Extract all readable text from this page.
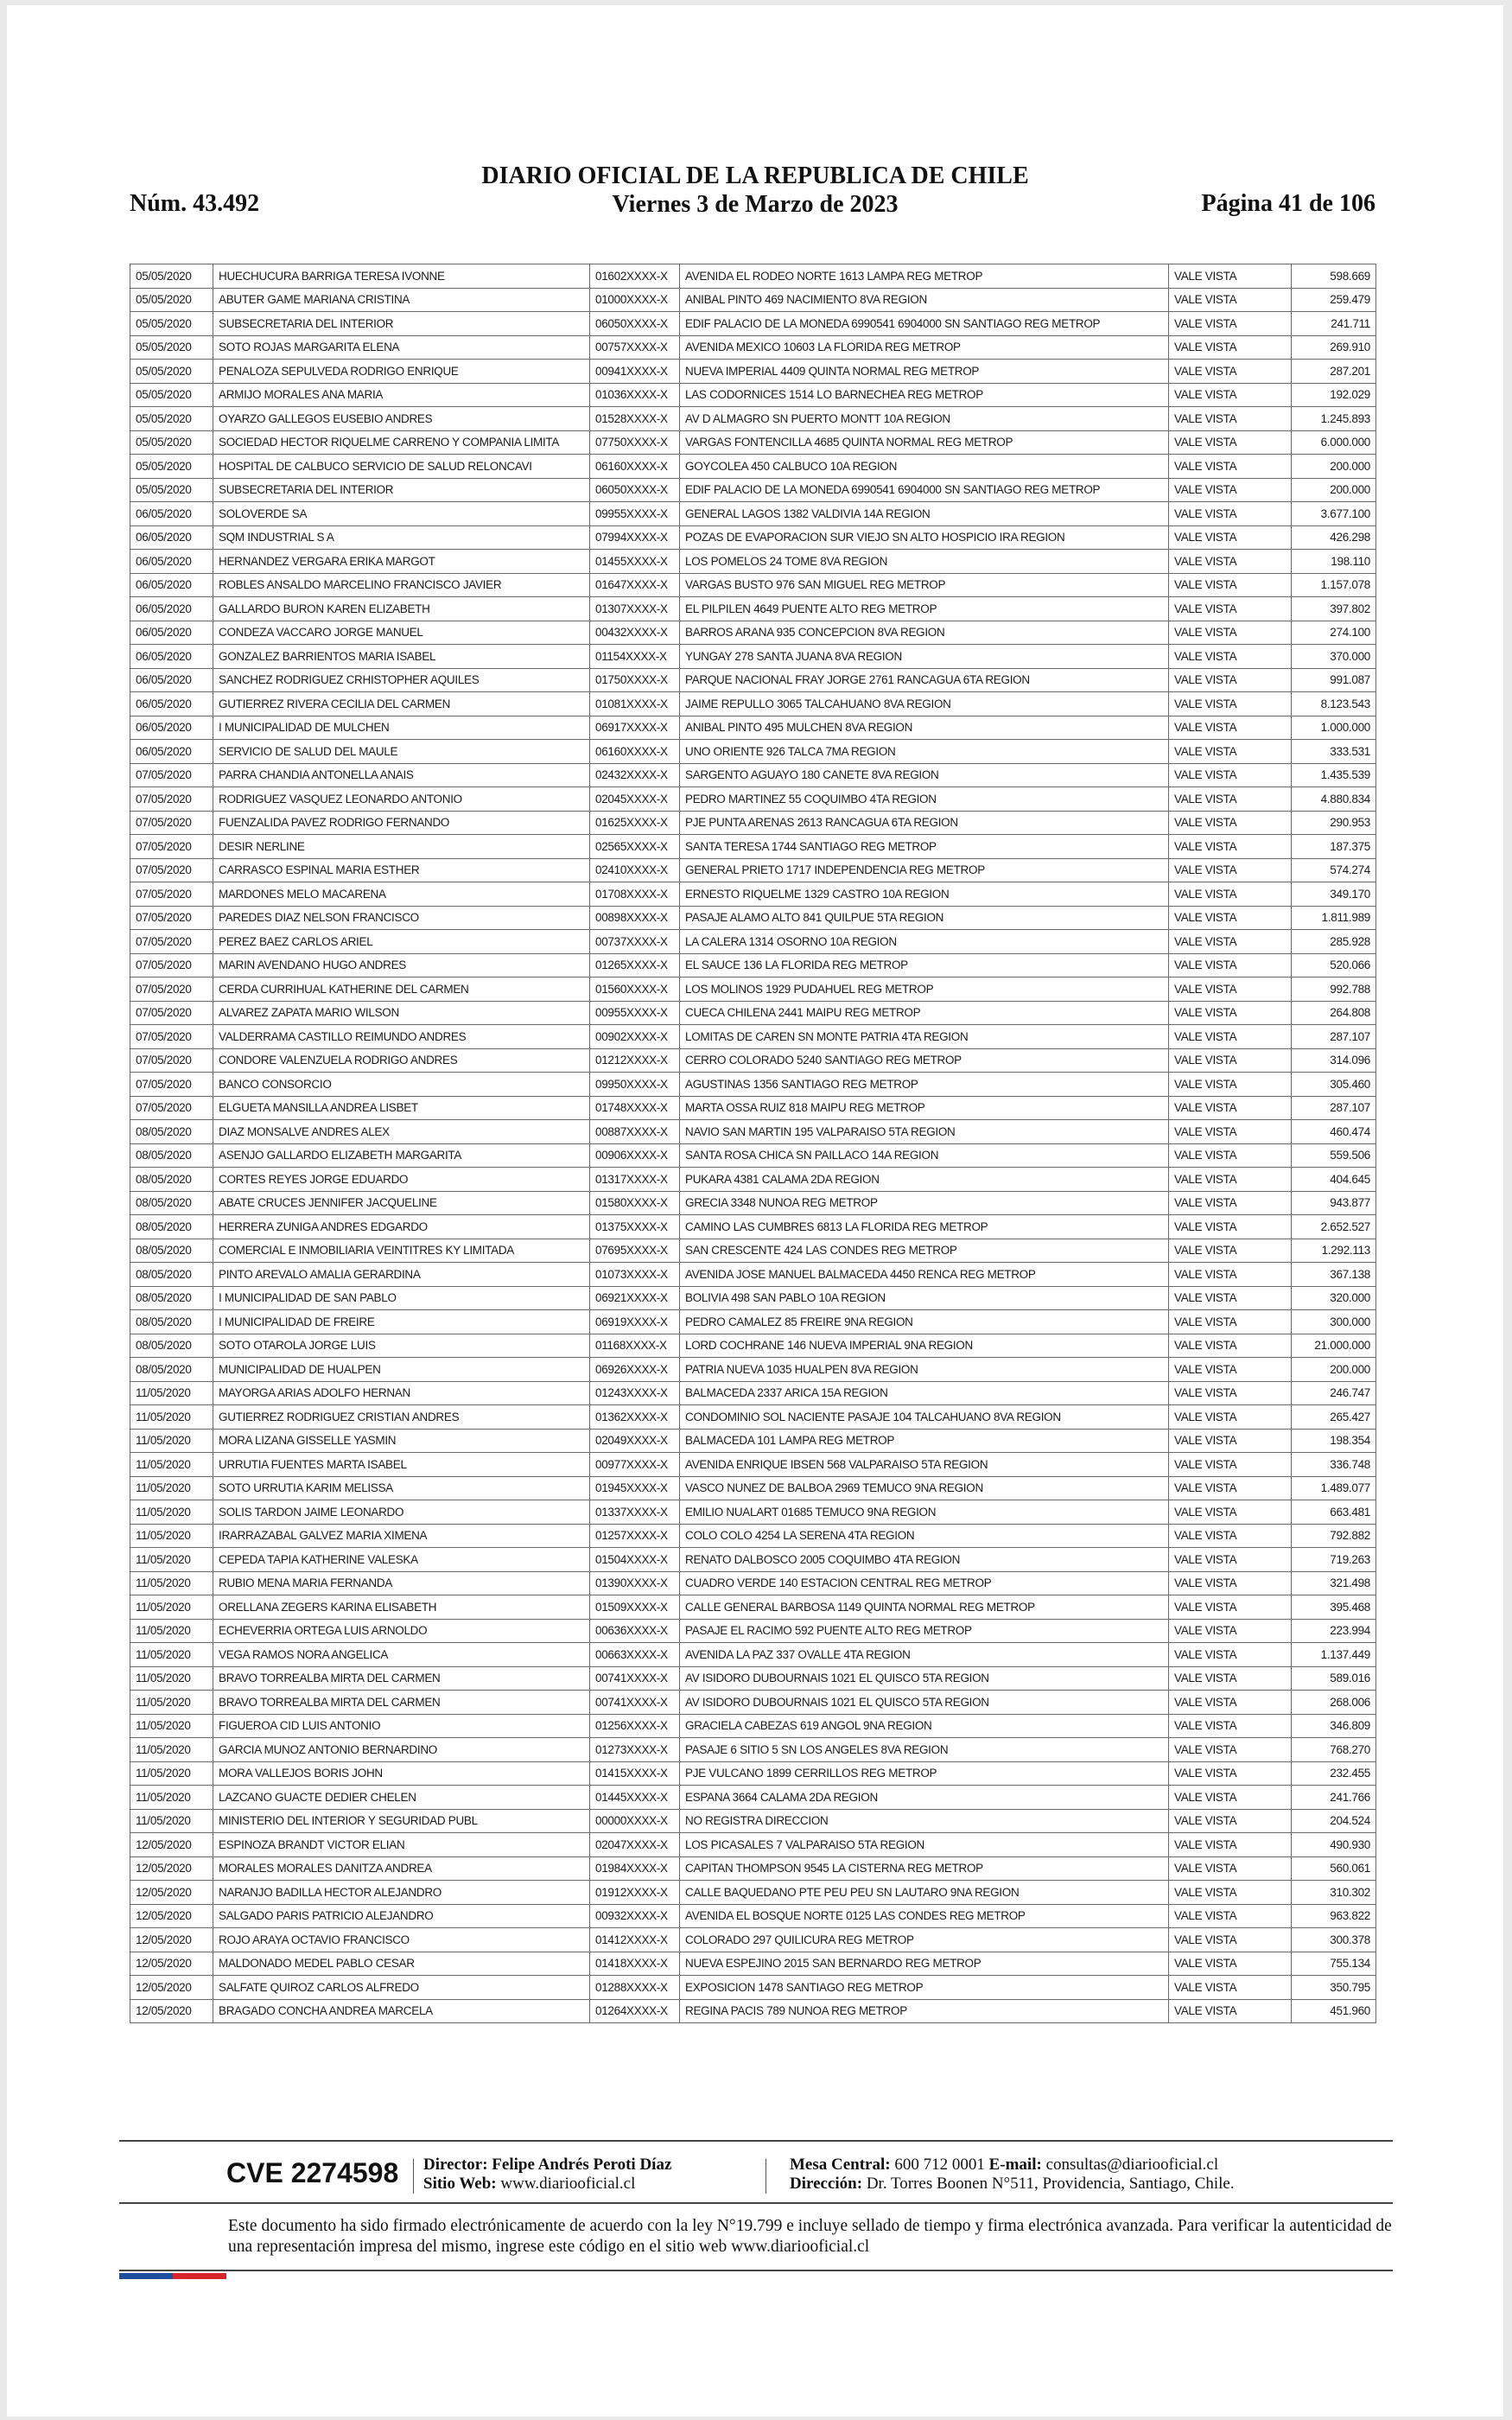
Núm. 43.492
DIARIO OFICIAL DE LA REPUBLICA DE CHILE
Viernes 3 de Marzo de 2023	Página 41 de 106
05/05/2020	HUECHUCURA BARRIGA TERESA IVONNE	01602XXXX-X	AVENIDA EL RODEO NORTE 1613 LAMPA REG METROP	VALE VISTA	598.669
05/05/2020	ABUTER GAME MARIANA CRISTINA	01000XXXX-X	ANIBAL PINTO 469 NACIMIENTO 8VA REGION	VALE VISTA	259.479
05/05/2020	SUBSECRETARIA DEL INTERIOR	06050XXXX-X	EDIF PALACIO DE LA MONEDA 6990541 6904000 SN SANTIAGO REG METROP	VALE VISTA	241.711
05/05/2020	SOTO ROJAS MARGARITA ELENA	00757XXXX-X	AVENIDA MEXICO 10603 LA FLORIDA REG METROP	VALE VISTA	269.910
05/05/2020	PENALOZA SEPULVEDA RODRIGO ENRIQUE	00941XXXX-X	NUEVA IMPERIAL 4409 QUINTA NORMAL REG METROP	VALE VISTA	287.201
05/05/2020	ARMIJO MORALES ANA MARIA	01036XXXX-X	LAS CODORNICES 1514 LO BARNECHEA REG METROP	VALE VISTA	192.029
05/05/2020	OYARZO GALLEGOS EUSEBIO ANDRES	01528XXXX-X	AV D ALMAGRO SN PUERTO MONTT 10A REGION	VALE VISTA	1.245.893
05/05/2020	SOCIEDAD HECTOR RIQUELME CARRENO Y COMPANIA LIMITA	07750XXXX-X	VARGAS FONTENCILLA 4685 QUINTA NORMAL REG METROP	VALE VISTA	6.000.000
05/05/2020	HOSPITAL DE CALBUCO SERVICIO DE SALUD RELONCAVI	06160XXXX-X	GOYCOLEA 450 CALBUCO 10A REGION	VALE VISTA	200.000
05/05/2020	SUBSECRETARIA DEL INTERIOR	06050XXXX-X	EDIF PALACIO DE LA MONEDA 6990541 6904000 SN SANTIAGO REG METROP	VALE VISTA	200.000
06/05/2020	SOLOVERDE SA	09955XXXX-X	GENERAL LAGOS 1382 VALDIVIA 14A REGION	VALE VISTA	3.677.100
06/05/2020	SQM INDUSTRIAL S A	07994XXXX-X	POZAS DE EVAPORACION SUR VIEJO SN ALTO HOSPICIO IRA REGION	VALE VISTA	426.298
06/05/2020	HERNANDEZ VERGARA ERIKA MARGOT	01455XXXX-X	LOS POMELOS 24 TOME 8VA REGION	VALE VISTA	198.110
06/05/2020	ROBLES ANSALDO MARCELINO FRANCISCO JAVIER	01647XXXX-X	VARGAS BUSTO 976 SAN MIGUEL REG METROP	VALE VISTA	1.157.078
06/05/2020	GALLARDO BURON KAREN ELIZABETH	01307XXXX-X	EL PILPILEN 4649 PUENTE ALTO REG METROP	VALE VISTA	397.802
06/05/2020	CONDEZA VACCARO JORGE MANUEL	00432XXXX-X	BARROS ARANA 935 CONCEPCION 8VA REGION	VALE VISTA	274.100
06/05/2020	GONZALEZ BARRIENTOS MARIA ISABEL	01154XXXX-X	YUNGAY 278 SANTA JUANA 8VA REGION	VALE VISTA	370.000
06/05/2020	SANCHEZ RODRIGUEZ CRHISTOPHER AQUILES	01750XXXX-X	PARQUE NACIONAL FRAY JORGE 2761 RANCAGUA 6TA REGION	VALE VISTA	991.087
06/05/2020	GUTIERREZ RIVERA CECILIA DEL CARMEN	01081XXXX-X	JAIME REPULLO 3065 TALCAHUANO 8VA REGION	VALE VISTA	8.123.543
06/05/2020	I MUNICIPALIDAD DE MULCHEN	06917XXXX-X	ANIBAL PINTO 495 MULCHEN 8VA REGION	VALE VISTA	1.000.000
06/05/2020	SERVICIO DE SALUD DEL MAULE	06160XXXX-X	UNO ORIENTE 926 TALCA 7MA REGION	VALE VISTA	333.531
07/05/2020	PARRA CHANDIA ANTONELLA ANAIS	02432XXXX-X	SARGENTO AGUAYO 180 CANETE 8VA REGION	VALE VISTA	1.435.539
07/05/2020	RODRIGUEZ VASQUEZ LEONARDO ANTONIO	02045XXXX-X	PEDRO MARTINEZ 55 COQUIMBO 4TA REGION	VALE VISTA	4.880.834
07/05/2020	FUENZALIDA PAVEZ RODRIGO FERNANDO	01625XXXX-X	PJE PUNTA ARENAS 2613 RANCAGUA 6TA REGION	VALE VISTA	290.953
07/05/2020	DESIR NERLINE	02565XXXX-X	SANTA TERESA 1744 SANTIAGO REG METROP	VALE VISTA	187.375
07/05/2020	CARRASCO ESPINAL MARIA ESTHER	02410XXXX-X	GENERAL PRIETO 1717 INDEPENDENCIA REG METROP	VALE VISTA	574.274
07/05/2020	MARDONES MELO MACARENA	01708XXXX-X	ERNESTO RIQUELME 1329 CASTRO 10A REGION	VALE VISTA	349.170
07/05/2020	PAREDES DIAZ NELSON FRANCISCO	00898XXXX-X	PASAJE ALAMO ALTO 841 QUILPUE 5TA REGION	VALE VISTA	1.811.989
07/05/2020	PEREZ BAEZ CARLOS ARIEL	00737XXXX-X	LA CALERA 1314 OSORNO 10A REGION	VALE VISTA	285.928
07/05/2020	MARIN AVENDANO HUGO ANDRES	01265XXXX-X	EL SAUCE 136 LA FLORIDA REG METROP	VALE VISTA	520.066
07/05/2020	CERDA CURRIHUAL KATHERINE DEL CARMEN	01560XXXX-X	LOS MOLINOS 1929 PUDAHUEL REG METROP	VALE VISTA	992.788
07/05/2020	ALVAREZ ZAPATA MARIO WILSON	00955XXXX-X	CUECA CHILENA 2441 MAIPU REG METROP	VALE VISTA	264.808
07/05/2020	VALDERRAMA CASTILLO REIMUNDO ANDRES	00902XXXX-X	LOMITAS DE CAREN SN MONTE PATRIA 4TA REGION	VALE VISTA	287.107
07/05/2020	CONDORE VALENZUELA RODRIGO ANDRES	01212XXXX-X	CERRO COLORADO 5240 SANTIAGO REG METROP	VALE VISTA	314.096
07/05/2020	BANCO CONSORCIO	09950XXXX-X	AGUSTINAS 1356 SANTIAGO REG METROP	VALE VISTA	305.460
07/05/2020	ELGUETA MANSILLA ANDREA LISBET	01748XXXX-X	MARTA OSSA RUIZ 818 MAIPU REG METROP	VALE VISTA	287.107
08/05/2020	DIAZ MONSALVE ANDRES ALEX	00887XXXX-X	NAVIO SAN MARTIN 195 VALPARAISO 5TA REGION	VALE VISTA	460.474
08/05/2020	ASENJO GALLARDO ELIZABETH MARGARITA	00906XXXX-X	SANTA ROSA CHICA SN PAILLACO 14A REGION	VALE VISTA	559.506
08/05/2020	CORTES REYES JORGE EDUARDO	01317XXXX-X	PUKARA 4381 CALAMA 2DA REGION	VALE VISTA	404.645
08/05/2020	ABATE CRUCES JENNIFER JACQUELINE	01580XXXX-X	GRECIA 3348 NUNOA REG METROP	VALE VISTA	943.877
08/05/2020	HERRERA ZUNIGA ANDRES EDGARDO	01375XXXX-X	CAMINO LAS CUMBRES 6813 LA FLORIDA REG METROP	VALE VISTA	2.652.527
08/05/2020	COMERCIAL E INMOBILIARIA VEINTITRES KY LIMITADA	07695XXXX-X	SAN CRESCENTE 424 LAS CONDES REG METROP	VALE VISTA	1.292.113
08/05/2020	PINTO AREVALO AMALIA GERARDINA	01073XXXX-X	AVENIDA JOSE MANUEL BALMACEDA 4450 RENCA REG METROP	VALE VISTA	367.138
08/05/2020	I MUNICIPALIDAD DE SAN PABLO	06921XXXX-X	BOLIVIA 498 SAN PABLO 10A REGION	VALE VISTA	320.000
08/05/2020	I MUNICIPALIDAD DE FREIRE	06919XXXX-X	PEDRO CAMALEZ 85 FREIRE 9NA REGION	VALE VISTA	300.000
08/05/2020	SOTO OTAROLA JORGE LUIS	01168XXXX-X	LORD COCHRANE 146 NUEVA IMPERIAL 9NA REGION	VALE VISTA	21.000.000
08/05/2020	MUNICIPALIDAD DE HUALPEN	06926XXXX-X	PATRIA NUEVA 1035 HUALPEN 8VA REGION	VALE VISTA	200.000
11/05/2020	MAYORGA ARIAS ADOLFO HERNAN	01243XXXX-X	BALMACEDA 2337 ARICA 15A REGION	VALE VISTA	246.747
11/05/2020	GUTIERREZ RODRIGUEZ CRISTIAN ANDRES	01362XXXX-X	CONDOMINIO SOL NACIENTE PASAJE 104 TALCAHUANO 8VA REGION	VALE VISTA	265.427
11/05/2020	MORA LIZANA GISSELLE YASMIN	02049XXXX-X	BALMACEDA 101 LAMPA REG METROP	VALE VISTA	198.354
11/05/2020	URRUTIA FUENTES MARTA ISABEL	00977XXXX-X	AVENIDA ENRIQUE IBSEN 568 VALPARAISO 5TA REGION	VALE VISTA	336.748
11/05/2020	SOTO URRUTIA KARIM MELISSA	01945XXXX-X	VASCO NUNEZ DE BALBOA 2969 TEMUCO 9NA REGION	VALE VISTA	1.489.077
11/05/2020	SOLIS TARDON JAIME LEONARDO	01337XXXX-X	EMILIO NUALART 01685 TEMUCO 9NA REGION	VALE VISTA	663.481
11/05/2020	IRARRAZABAL GALVEZ MARIA XIMENA	01257XXXX-X	COLO COLO 4254 LA SERENA 4TA REGION	VALE VISTA	792.882
11/05/2020	CEPEDA TAPIA KATHERINE VALESKA	01504XXXX-X	RENATO DALBOSCO 2005 COQUIMBO 4TA REGION	VALE VISTA	719.263
11/05/2020	RUBIO MENA MARIA FERNANDA	01390XXXX-X	CUADRO VERDE 140 ESTACION CENTRAL REG METROP	VALE VISTA	321.498
11/05/2020	ORELLANA ZEGERS KARINA ELISABETH	01509XXXX-X	CALLE GENERAL BARBOSA 1149 QUINTA NORMAL REG METROP	VALE VISTA	395.468
11/05/2020	ECHEVERRIA ORTEGA LUIS ARNOLDO	00636XXXX-X	PASAJE EL RACIMO 592 PUENTE ALTO REG METROP	VALE VISTA	223.994
11/05/2020	VEGA RAMOS NORA ANGELICA	00663XXXX-X	AVENIDA LA PAZ 337 OVALLE 4TA REGION	VALE VISTA	1.137.449
11/05/2020	BRAVO TORREALBA MIRTA DEL CARMEN	00741XXXX-X	AV ISIDORO DUBOURNAIS 1021 EL QUISCO 5TA REGION	VALE VISTA	589.016
11/05/2020	BRAVO TORREALBA MIRTA DEL CARMEN	00741XXXX-X	AV ISIDORO DUBOURNAIS 1021 EL QUISCO 5TA REGION	VALE VISTA	268.006
11/05/2020	FIGUEROA CID LUIS ANTONIO	01256XXXX-X	GRACIELA CABEZAS 619 ANGOL 9NA REGION	VALE VISTA	346.809
11/05/2020	GARCIA MUNOZ ANTONIO BERNARDINO	01273XXXX-X	PASAJE 6 SITIO 5 SN LOS ANGELES 8VA REGION	VALE VISTA	768.270
11/05/2020	MORA VALLEJOS BORIS JOHN	01415XXXX-X	PJE VULCANO 1899 CERRILLOS REG METROP	VALE VISTA	232.455
11/05/2020	LAZCANO GUACTE DEDIER CHELEN	01445XXXX-X	ESPANA 3664 CALAMA 2DA REGION	VALE VISTA	241.766
11/05/2020	MINISTERIO DEL INTERIOR Y SEGURIDAD PUBL	00000XXXX-X	NO REGISTRA DIRECCION	VALE VISTA	204.524
12/05/2020	ESPINOZA BRANDT VICTOR ELIAN	02047XXXX-X	LOS PICASALES 7 VALPARAISO 5TA REGION	VALE VISTA	490.930
12/05/2020	MORALES MORALES DANITZA ANDREA	01984XXXX-X	CAPITAN THOMPSON 9545 LA CISTERNA REG METROP	VALE VISTA	560.061
12/05/2020	NARANJO BADILLA HECTOR ALEJANDRO	01912XXXX-X	CALLE BAQUEDANO PTE PEU PEU SN LAUTARO 9NA REGION	VALE VISTA	310.302
12/05/2020	SALGADO PARIS PATRICIO ALEJANDRO	00932XXXX-X	AVENIDA EL BOSQUE NORTE 0125 LAS CONDES REG METROP	VALE VISTA	963.822
12/05/2020	ROJO ARAYA OCTAVIO FRANCISCO	01412XXXX-X	COLORADO 297 QUILICURA REG METROP	VALE VISTA	300.378
12/05/2020	MALDONADO MEDEL PABLO CESAR	01418XXXX-X	NUEVA ESPEJINO 2015 SAN BERNARDO REG METROP	VALE VISTA	755.134
12/05/2020	SALFATE QUIROZ CARLOS ALFREDO	01288XXXX-X	EXPOSICION 1478 SANTIAGO REG METROP	VALE VISTA	350.795
12/05/2020	BRAGADO CONCHA ANDREA MARCELA	01264XXXX-X	REGINA PACIS 789 NUNOA REG METROP	VALE VISTA	451.960
CVE 2274598 Director: Felipe Andrés Peroti Díaz
Sitio Web: www.diariooficial.cl
Mesa Central: 600 712 0001 E-mail: consultas@diariooficial.cl
Dirección: Dr. Torres Boonen N°511, Providencia, Santiago, Chile.
Este documento ha sido firmado electrónicamente de acuerdo con la ley N°19.799 e incluye sellado de tiempo y firma electrónica avanzada. Para verificar la autenticidad de una representación impresa del mismo, ingrese este código en el sitio web www.diariooficial.cl
